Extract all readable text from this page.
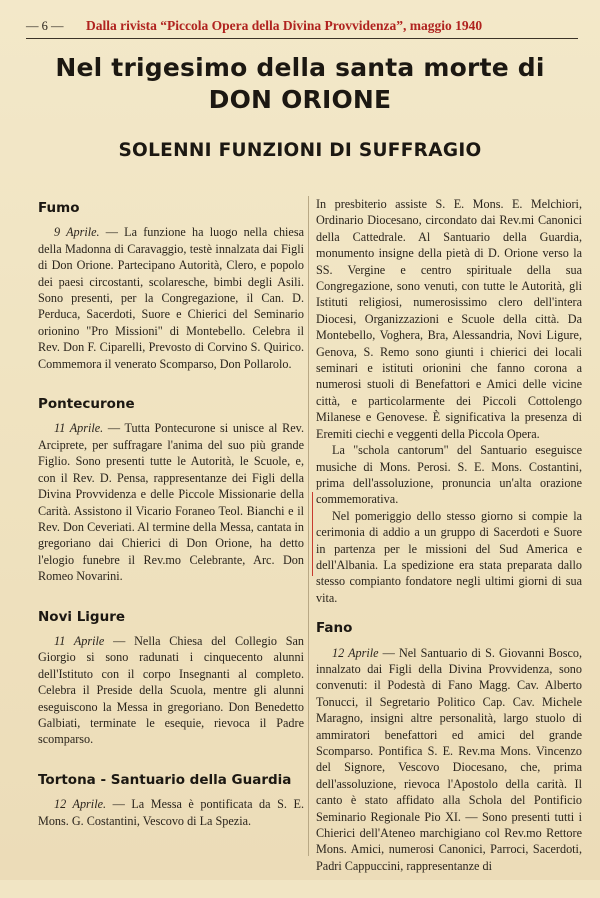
— 6 — Dalla rivista “Piccola Opera della Divina Provvidenza”, maggio 1940
Nel trigesimo della santa morte di
DON ORIONE
SOLENNI FUNZIONI DI SUFFRAGIO
Fumo

9 Aprile. — La funzione ha luogo nella chiesa della Madonna di Caravaggio, testè innalzata dai Figli di Don Orione. Partecipano Autorità, Clero, e popolo dei paesi circostanti, scolaresche, bimbi degli Asili. Sono presenti, per la Congregazione, il Can. D. Perduca, Sacerdoti, Suore e Chierici del Seminario orionino "Pro Missioni" di Montebello. Celebra il Rev. Don F. Ciparelli, Prevosto di Corvino S. Quirico. Commemora il venerato Scomparso, Don Pollarolo.

Pontecurone

11 Aprile. — Tutta Pontecurone si unisce al Rev. Arciprete, per suffragare l'anima del suo più grande Figlio. Sono presenti tutte le Autorità, le Scuole, e, con il Rev. D. Pensa, rappresentanze dei Figli della Divina Provvidenza e delle Piccole Missionarie della Carità. Assistono il Vicario Foraneo Teol. Bianchi e il Rev. Don Ceveriati. Al termine della Messa, cantata in gregoriano dai Chierici di Don Orione, ha detto l'elogio funebre il Rev.mo Celebrante, Arc. Don Romeo Novarini.

Novi Ligure

11 Aprile — Nella Chiesa del Collegio San Giorgio si sono radunati i cinquecento alunni dell'Istituto con il corpo Insegnanti al completo. Celebra il Preside della Scuola, mentre gli alunni eseguiscono la Messa in gregoriano. Don Benedetto Galbiati, terminate le esequie, rievoca il Padre scomparso.

Tortona - Santuario della Guardia

12 Aprile. — La Messa è pontificata da S. E. Mons. G. Costantini, Vescovo di La Spezia.

In presbiterio assiste S. E. Mons. E. Melchiori, Ordinario Diocesano, circondato dai Rev.mi Canonici della Cattedrale. Al Santuario della Guardia, monumento insigne della pietà di D. Orione verso la SS. Vergine e centro spirituale della sua Congregazione, sono venuti, con tutte le Autorità, gli Istituti religiosi, numerosissimo clero dell'intera Diocesi, Organizzazioni e Scuole della città. Da Montebello, Voghera, Bra, Alessandria, Novi Ligure, Genova, S. Remo sono giunti i chierici dei locali seminari e istituti orionini che fanno corona a numerosi stuoli di Benefattori e Amici delle vicine città, e particolarmente dei Piccoli Cottolengo Milanese e Genovese. È significativa la presenza di Eremiti ciechi e veggenti della Piccola Opera.

La "schola cantorum" del Santuario eseguisce musiche di Mons. Perosi. S. E. Mons. Costantini, prima dell'assoluzione, pronuncia un'alta orazione commemorativa.

Nel pomeriggio dello stesso giorno si compie la cerimonia di addio a un gruppo di Sacerdoti e Suore in partenza per le missioni del Sud America e dell'Albania. La spedizione era stata preparata dallo stesso compianto fondatore negli ultimi giorni di sua vita.

Fano

12 Aprile — Nel Santuario di S. Giovanni Bosco, innalzato dai Figli della Divina Provvidenza, sono convenuti: il Podestà di Fano Magg. Cav. Alberto Tonucci, il Segretario Politico Cap. Cav. Michele Maragno, insigni altre personalità, largo stuolo di ammiratori benefattori ed amici del grande Scomparso. Pontifica S. E. Rev.ma Mons. Vincenzo del Signore, Vescovo Diocesano, che, prima dell'assoluzione, rievoca l'Apostolo della carità. Il canto è stato affidato alla Schola del Pontificio Seminario Regionale Pio XI. — Sono presenti tutti i Chierici dell'Ateneo marchigiano col Rev.mo Rettore Mons. Amici, numerosi Canonici, Parroci, Sacerdoti, Padri Cappuccini, rappresentanze di
